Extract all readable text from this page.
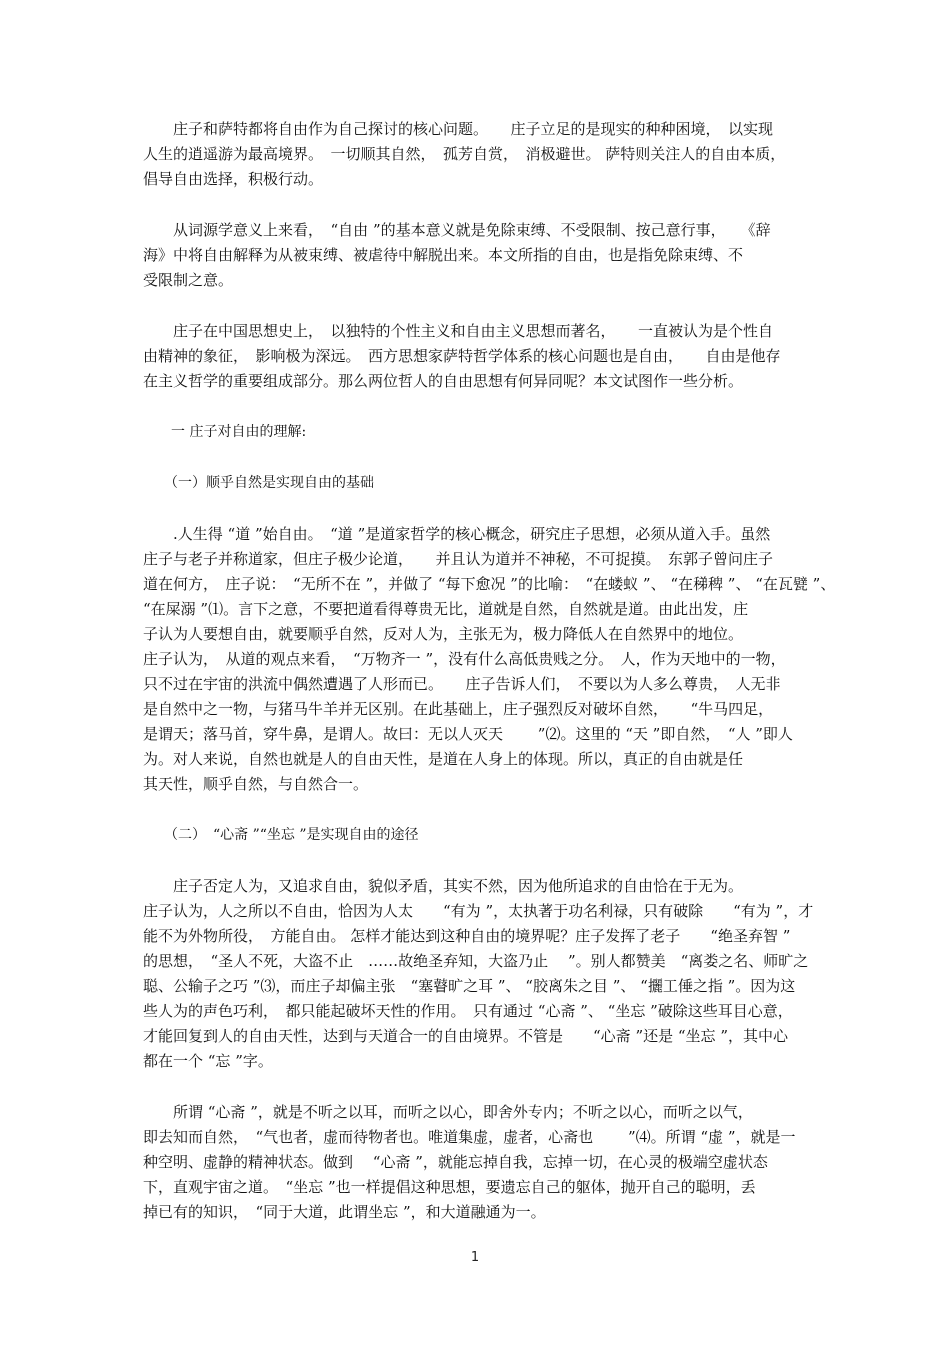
　　庄子和萨特都将自由作为自己探讨的核心问题。　　庄子立足的是现实的种种困境，　以实现
人生的逍遥游为最高境界。　一切顺其自然，　孤芳自赏，　消极避世。 萨特则关注人的自由本质，
倡导自由选择，积极行动。

　　从词源学意义上来看，　“自由 ”的基本意义就是免除束缚、不受限制、按己意行事，　　《辞
海》中将自由解释为从被束缚、被虐待中解脱出来。本文所指的自由，也是指免除束缚、不
受限制之意。

　　庄子在中国思想史上，　以独特的个性主义和自由主义思想而著名，　　一直被认为是个性自
由精神的象征，　影响极为深远。　西方思想家萨特哲学体系的核心问题也是自由，　　自由是他存
在主义哲学的重要组成部分。那么两位哲人的自由思想有何异同呢？本文试图作一些分析。

　　一 庄子对自由的理解:

　　（一）顺乎自然是实现自由的基础

　　.人生得 “道 ”始自由。　“道 ”是道家哲学的核心概念，研究庄子思想，必须从道入手。虽然
庄子与老子并称道家，但庄子极少论道，　　并且认为道并不神秘，不可捉摸。　东郭子曾问庄子
道在何方，　庄子说：　“无所不在 ”，并做了 “每下愈况 ”的比喻：　“在蝼蚁 ”、 “在稊稗 ”、 “在瓦甓 ”、
“在屎溺 ”⑴。言下之意，不要把道看得尊贵无比，道就是自然，自然就是道。由此出发，庄
子认为人要想自由，就要顺乎自然，反对人为，主张无为，极力降低人在自然界中的地位。
庄子认为，　从道的观点来看，　“万物齐一 ”，没有什么高低贵贱之分。　人，作为天地中的一物，
只不过在宇宙的洪流中偶然遭遇了人形而已。　　庄子告诉人们，　不要以为人多么尊贵，　人无非
是自然中之一物，与猪马牛羊并无区别。在此基础上，庄子强烈反对破坏自然，　　“牛马四足，
是谓天；落马首，穿牛鼻，是谓人。故曰：无以人灭天　　 ”⑵。这里的 “天 ”即自然，　“人 ”即人
为。对人来说，自然也就是人的自由天性，是道在人身上的体现。所以，真正的自由就是任
其天性，顺乎自然，与自然合一。

　　（二）　“心斋 ”“坐忘 ”是实现自由的途径

　　庄子否定人为，又追求自由，貌似矛盾，其实不然，因为他所追求的自由恰在于无为。
庄子认为，人之所以不自由，恰因为人太　　“有为 ”，太执著于功名利禄，只有破除　　“有为 ”，才
能不为外物所役，　方能自由。 怎样才能达到这种自由的境界呢？庄子发挥了老子　　“绝圣弃智 ”
的思想，　“圣人不死，大盗不止　……故绝圣弃知，大盗乃止　 ”。别人都赞美　“离娄之名、师旷之
聪、公输子之巧 ”⑶，而庄子却偏主张　“塞瞽旷之耳 ”、 “胶离朱之目 ”、 “攦工倕之指 ”。因为这
些人为的声色巧利，　都只能起破坏天性的作用。　只有通过 “心斋 ”、 “坐忘 ”破除这些耳目心意，
才能回复到人的自由天性，达到与天道合一的自由境界。不管是　　“心斋 ”还是 “坐忘 ”，其中心
都在一个 “忘 ”字。

　　所谓 “心斋 ”，就是不听之以耳，而听之以心，即舍外专内；不听之以心，而听之以气，
即去知而自然，　“气也者，虚而待物者也。唯道集虚，虚者，心斋也　　 ”⑷。所谓 “虚 ”，就是一
种空明、虚静的精神状态。做到　 “心斋 ”，就能忘掉自我，忘掉一切，在心灵的极端空虚状态
下，直观宇宙之道。　“坐忘 ”也一样提倡这种思想，要遗忘自己的躯体，抛开自己的聪明，丢
掉已有的知识，　“同于大道，此谓坐忘 ”，和大道融通为一。

1
